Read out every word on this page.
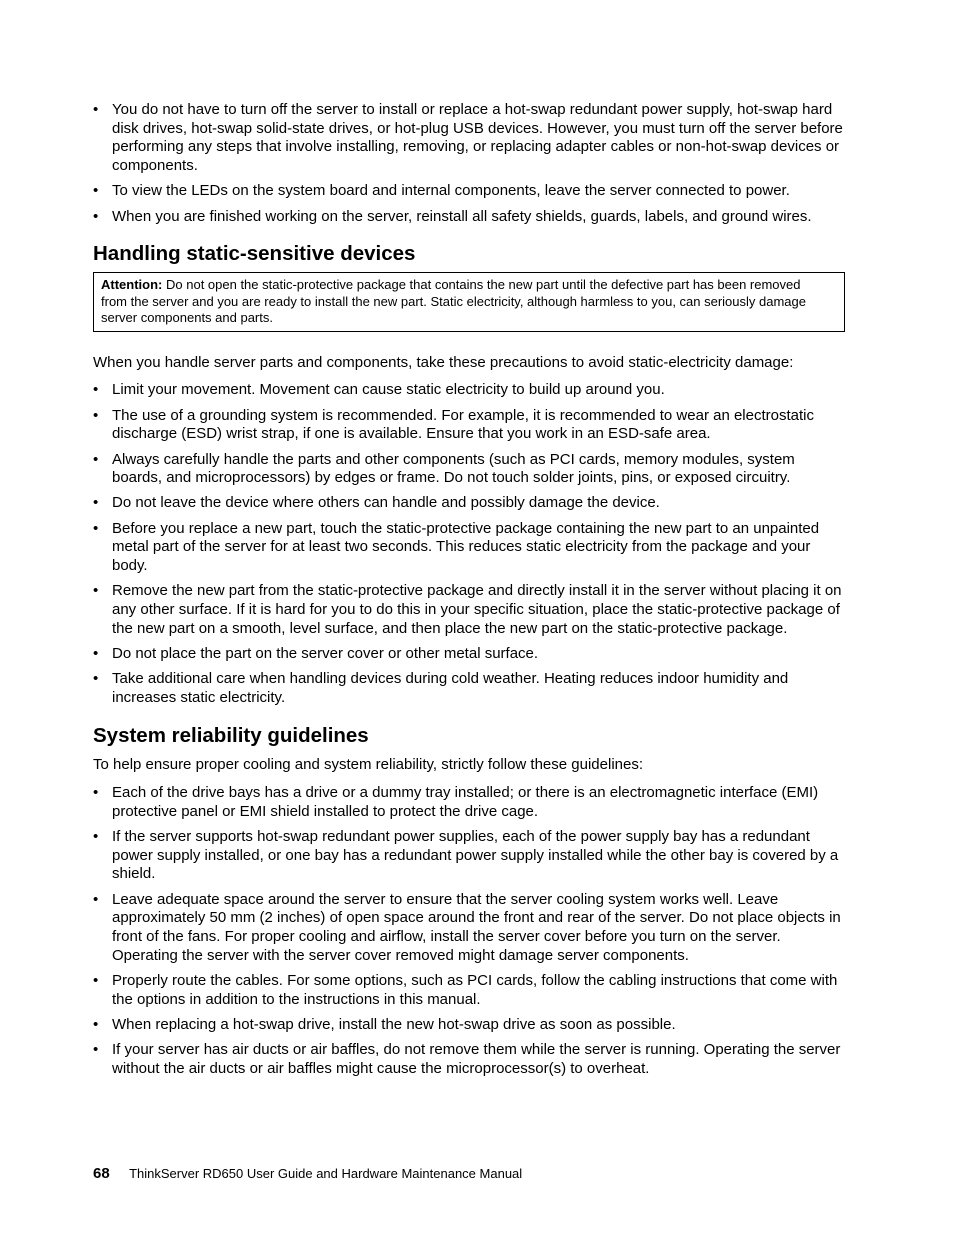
• You do not have to turn off the server to install or replace a hot-swap redundant power supply, hot-swap hard disk drives, hot-swap solid-state drives, or hot-plug USB devices. However, you must turn off the server before performing any steps that involve installing, removing, or replacing adapter cables or non-hot-swap devices or components.
• To view the LEDs on the system board and internal components, leave the server connected to power.
• When you are finished working on the server, reinstall all safety shields, guards, labels, and ground wires.
Handling static-sensitive devices
Attention: Do not open the static-protective package that contains the new part until the defective part has been removed from the server and you are ready to install the new part. Static electricity, although harmless to you, can seriously damage server components and parts.

When you handle server parts and components, take these precautions to avoid static-electricity damage:

• Limit your movement. Movement can cause static electricity to build up around you.
• The use of a grounding system is recommended. For example, it is recommended to wear an electrostatic discharge (ESD) wrist strap, if one is available. Ensure that you work in an ESD-safe area.
• Always carefully handle the parts and other components (such as PCI cards, memory modules, system boards, and microprocessors) by edges or frame. Do not touch solder joints, pins, or exposed circuitry.
• Do not leave the device where others can handle and possibly damage the device.
• Before you replace a new part, touch the static-protective package containing the new part to an unpainted metal part of the server for at least two seconds. This reduces static electricity from the package and your body.
• Remove the new part from the static-protective package and directly install it in the server without placing it on any other surface. If it is hard for you to do this in your specific situation, place the static-protective package of the new part on a smooth, level surface, and then place the new part on the static-protective package.
• Do not place the part on the server cover or other metal surface.
• Take additional care when handling devices during cold weather. Heating reduces indoor humidity and increases static electricity.
System reliability guidelines

To help ensure proper cooling and system reliability, strictly follow these guidelines:

• Each of the drive bays has a drive or a dummy tray installed; or there is an electromagnetic interface (EMI) protective panel or EMI shield installed to protect the drive cage.
• If the server supports hot-swap redundant power supplies, each of the power supply bay has a redundant power supply installed, or one bay has a redundant power supply installed while the other bay is covered by a shield.
• Leave adequate space around the server to ensure that the server cooling system works well. Leave approximately 50 mm (2 inches) of open space around the front and rear of the server. Do not place objects in front of the fans. For proper cooling and airflow, install the server cover before you turn on the server. Operating the server with the server cover removed might damage server components.
• Properly route the cables. For some options, such as PCI cards, follow the cabling instructions that come with the options in addition to the instructions in this manual.
• When replacing a hot-swap drive, install the new hot-swap drive as soon as possible.
• If your server has air ducts or air baffles, do not remove them while the server is running. Operating the server without the air ducts or air baffles might cause the microprocessor(s) to overheat.
68 ThinkServer RD650 User Guide and Hardware Maintenance Manual
